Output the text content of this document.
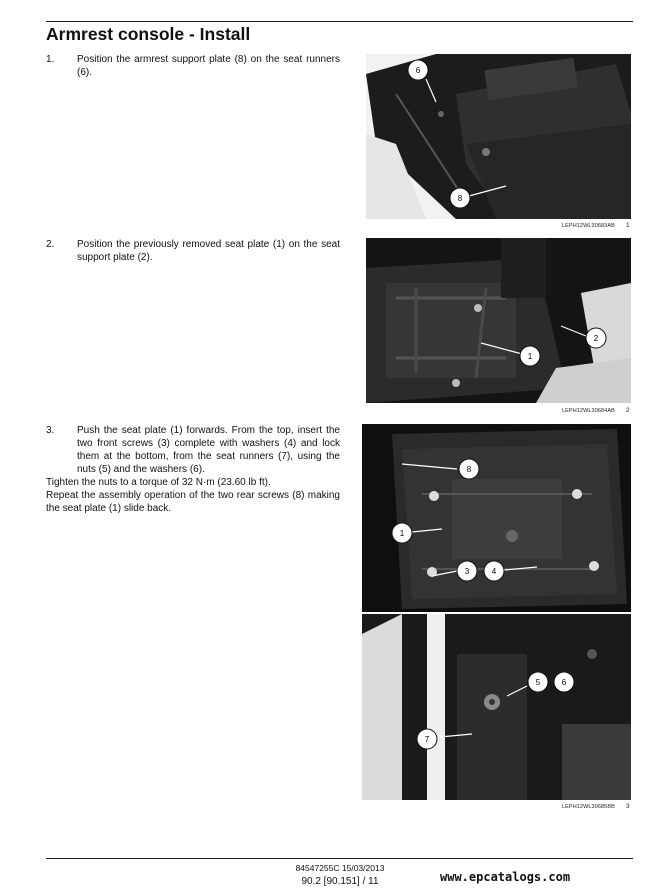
Armrest console - Install
1. Position the armrest support plate (8) on the seat runners (6).	6
8
LEPH12WL30683AB 1
2. Position the previously removed seat plate (1) on the seat support plate (2).
1
2
LEPH12WL30684AB 2
3. Push the seat plate (1) forwards. From the top, insert the two front screws (3) complete with washers (4) and lock them at the bottom, from the seat runners (7), using the nuts (5) and the washers (6).
Tighten the nuts to a torque of 32 N·m (23.60 lb ft).
Repeat the assembly operation of the two rear screws (8) making the seat plate (1) slide back.
8
1
3	4
5	6
7
LEPH12WL30685BB 3
84547255C 15/03/2013
90.2 [90.151] / 11	www.epcatalogs.com
